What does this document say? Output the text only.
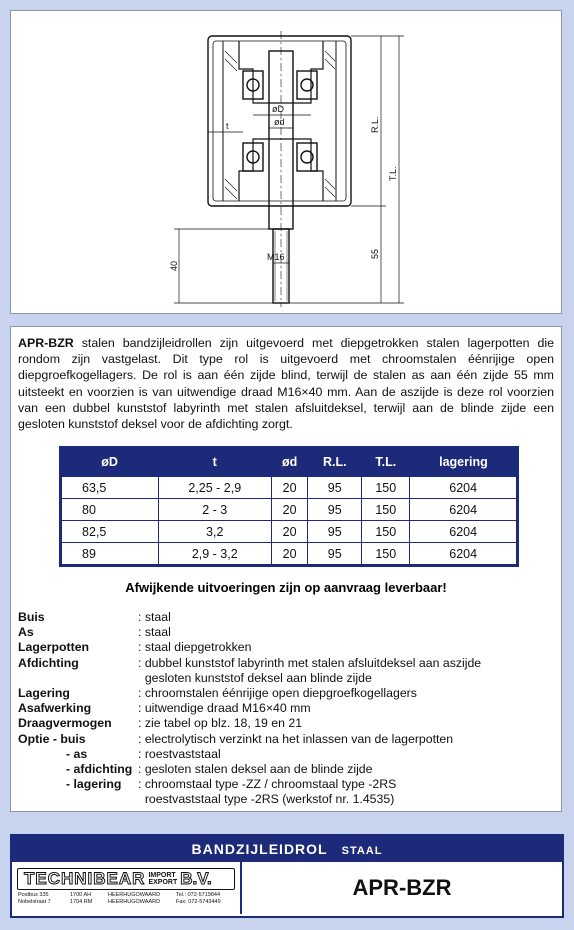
øD
ød
t
M16
R.L.
T.L.
55
40
APR-BZR stalen bandzijleidrollen zijn uitgevoerd met diepgetrokken stalen lagerpotten die rondom zijn vastgelast. Dit type rol is uitgevoerd met chroomstalen éénrijige open diepgroefkogellagers. De rol is aan één zijde blind, terwijl de stalen as aan één zijde 55 mm uitsteekt en voorzien is van uitwendige draad M16×40 mm. Aan de aszijde is deze rol voorzien van een dubbel kunststof labyrinth met stalen afsluitdeksel, terwijl aan de blinde zijde een gesloten kunststof deksel voor de afdichting zorgt.
øD	t	ød	R.L.	T.L.	lagering
63,5	2,25 - 2,9	20	95	150	6204
80	2 - 3	20	95	150	6204
82,5	3,2	20	95	150	6204
89	2,9 - 3,2	20	95	150	6204
Afwijkende uitvoeringen zijn op aanvraag leverbaar!
Buis	: staal
As	: staal
Lagerpotten	: staal diepgetrokken
Afdichting	: dubbel kunststof labyrinth met stalen afsluitdeksel aan aszijde
gesloten kunststof deksel aan blinde zijde
Lagering	: chroomstalen éénrijige open diepgroefkogellagers
Asafwerking	: uitwendige draad M16×40 mm
Draagvermogen	: zie tabel op blz. 18, 19 en 21
Optie - buis	: electrolytisch verzinkt na het inlassen van de lagerpotten
- as	: roestvaststaal
- afdichting : gesloten stalen deksel aan de blinde zijde
- lagering	: chroomstaal type -ZZ / chroomstaal type -2RS
roestvaststaal type -2RS (werkstof nr. 1.4535)
BANDZIJLEIDROL STAAL
TECHNIBEAR IMPORT
EXPORT B.V.
Postbus 335
Nobelstraat 7
1700 AH
1704 RM
HEERHUGOWAARD
HEERHUGOWAARD
Tel.: 072-5719844
Fax: 072-5743449
APR-BZR
